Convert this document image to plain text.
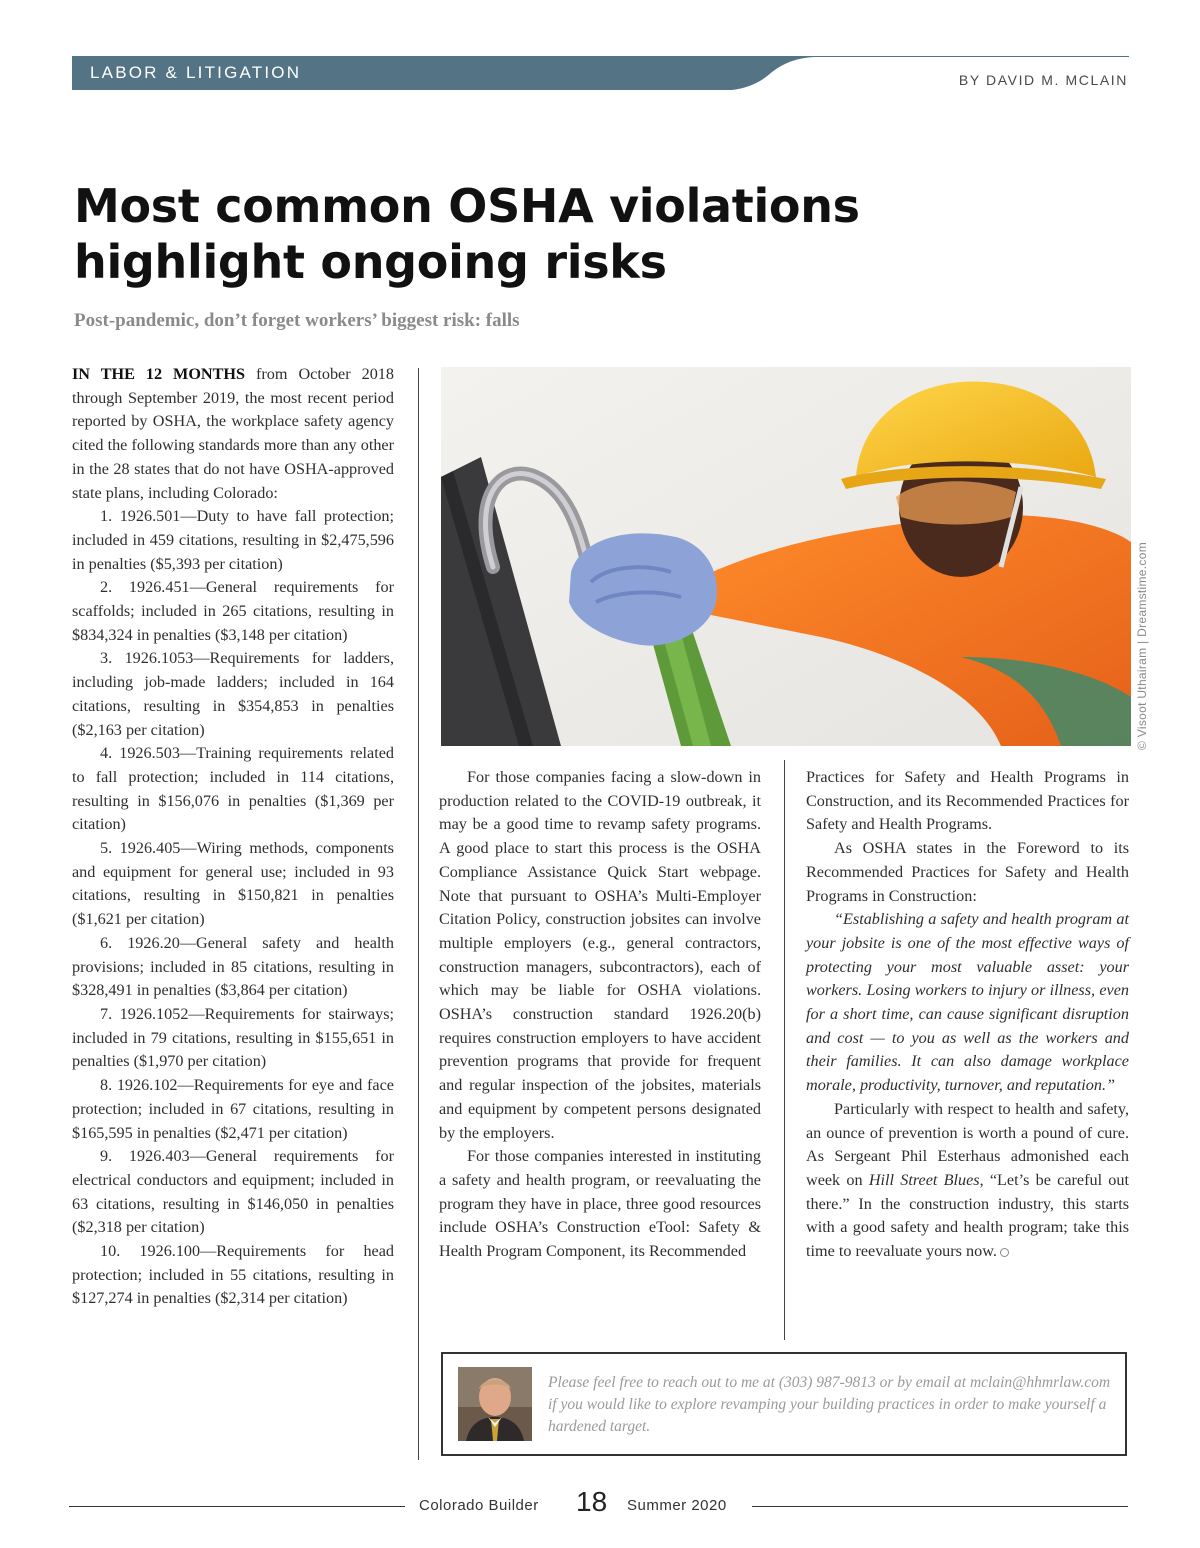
LABOR & LITIGATION	BY DAVID M. MCLAIN
Most common OSHA violations
highlight ongoing risks
Post-pandemic, don’t forget workers’ biggest risk: falls

IN THE 12 MONTHS from October 2018 through September 2019, the most recent period reported by OSHA, the workplace safety agency cited the following standards more than any other in the 28 states that do not have OSHA-approved state plans, including Colorado:

1. 1926.501—Duty to have fall protection; included in 459 citations, resulting in $2,475,596 in penalties ($5,393 per citation)

2. 1926.451—General requirements for scaffolds; included in 265 citations, resulting in $834,324 in penalties ($3,148 per citation)

3. 1926.1053—Requirements for ladders, including job-made ladders; included in 164 citations, resulting in $354,853 in penalties ($2,163 per citation)

4. 1926.503—Training requirements related to fall protection; included in 114 citations, resulting in $156,076 in penalties ($1,369 per citation)

5. 1926.405—Wiring methods, components and equipment for general use; included in 93 citations, resulting in $150,821 in penalties ($1,621 per citation)

6. 1926.20—General safety and health provisions; included in 85 citations, resulting in $328,491 in penalties ($3,864 per citation)

7. 1926.1052—Requirements for stairways; included in 79 citations, resulting in $155,651 in penalties ($1,970 per citation)

8. 1926.102—Requirements for eye and face protection; included in 67 citations, resulting in $165,595 in penalties ($2,471 per citation)

9. 1926.403—General requirements for electrical conductors and equipment; included in 63 citations, resulting in $146,050 in penalties ($2,318 per citation)

10. 1926.100—Requirements for head protection; included in 55 citations, resulting in $127,274 in penalties ($2,314 per citation)

© Visoot Uthairam | Dreamstime.com

For those companies facing a slow-down in production related to the COVID-19 outbreak, it may be a good time to revamp safety programs. A good place to start this process is the OSHA Compliance Assistance Quick Start webpage. Note that pursuant to OSHA’s Multi-Employer Citation Policy, construction jobsites can involve multiple employers (e.g., general contractors, construction managers, subcontractors), each of which may be liable for OSHA violations. OSHA’s construction standard 1926.20(b) requires construction employers to have accident prevention programs that provide for frequent and regular inspection of the jobsites, materials and equipment by competent persons designated by the employers.

For those companies interested in instituting a safety and health program, or reevaluating the program they have in place, three good resources include OSHA’s Construction eTool: Safety & Health Program Component, its Recommended

Practices for Safety and Health Programs in Construction, and its Recommended Practices for Safety and Health Programs.

As OSHA states in the Foreword to its Recommended Practices for Safety and Health Programs in Construction:

“Establishing a safety and health program at your jobsite is one of the most effective ways of protecting your most valuable asset: your workers. Losing workers to injury or illness, even for a short time, can cause significant disruption and cost — to you as well as the workers and their families. It can also damage workplace morale, productivity, turnover, and reputation.”

Particularly with respect to health and safety, an ounce of prevention is worth a pound of cure. As Sergeant Phil Esterhaus admonished each week on Hill Street Blues, “Let’s be careful out there.” In the construction industry, this starts with a good safety and health program; take this time to reevaluate yours now.

Please feel free to reach out to me at (303) 987-9813 or by email at mclain@hhmrlaw.com if you would like to explore revamping your building practices in order to make yourself a hardened target.
Colorado Builder 18 Summer 2020
